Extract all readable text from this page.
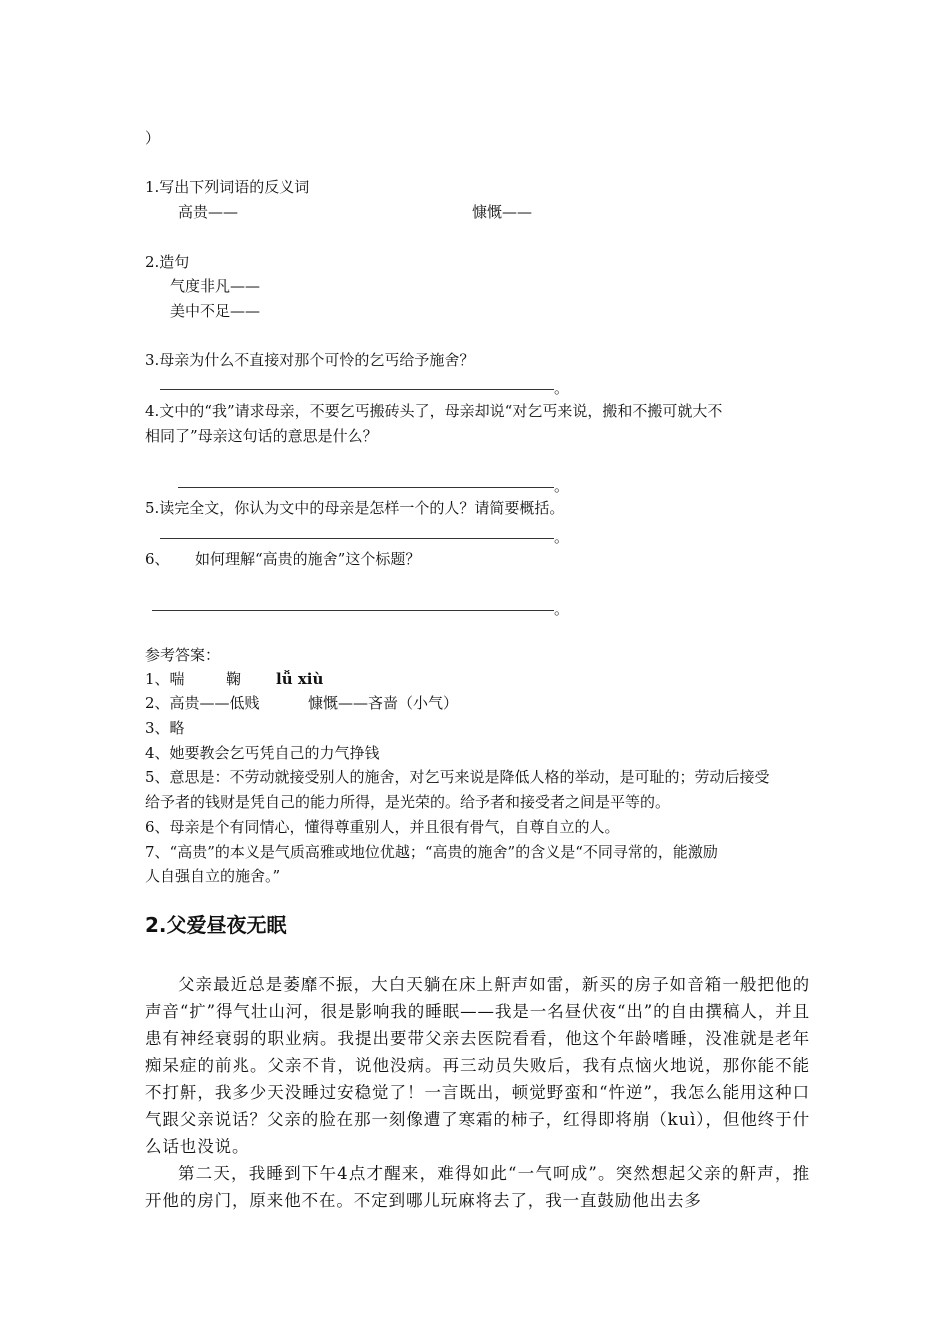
）
1.写出下列词语的反义词
高贵——	慷慨——
2.造句
气度非凡——
美中不足——
3.母亲为什么不直接对那个可怜的乞丐给予施舍？
。
4.文中的“我”请求母亲，不要乞丐搬砖头了，母亲却说“对乞丐来说，搬和不搬可就大不
相同了”母亲这句话的意思是什么？
。
5.读完全文，你认为文中的母亲是怎样一个的人？请简要概括。
。
6、 如何理解“高贵的施舍”这个标题？
。
参考答案：
1、喘	鞠 lǚ xiù
2、高贵——低贱	慷慨——吝啬（小气）
3、略
4、她要教会乞丐凭自己的力气挣钱
5、意思是：不劳动就接受别人的施舍，对乞丐来说是降低人格的举动，是可耻的；劳动后接受
给予者的钱财是凭自己的能力所得，是光荣的。给予者和接受者之间是平等的。
6、母亲是个有同情心，懂得尊重别人，并且很有骨气，自尊自立的人。
7、“高贵”的本义是气质高雅或地位优越；“高贵的施舍”的含义是“不同寻常的，能激励
人自强自立的施舍。”
2.父爱昼夜无眠

父亲最近总是萎靡不振，大白天躺在床上鼾声如雷，新买的房子如音箱一般把他的声音“扩”得气壮山河，很是影响我的睡眠——我是一名昼伏夜“出”的自由撰稿人，并且患有神经衰弱的职业病。我提出要带父亲去医院看看，他这个年龄嗜睡，没准就是老年痴呆症的前兆。父亲不肯，说他没病。再三动员失败后，我有点恼火地说，那你能不能不打鼾，我多少天没睡过安稳觉了！一言既出，顿觉野蛮和“忤逆”，我怎么能用这种口气跟父亲说话？父亲的脸在那一刻像遭了寒霜的柿子，红得即将崩（kuì），但他终于什么话也没说。

第二天，我睡到下午4点才醒来，难得如此“一气呵成”。突然想起父亲的鼾声，推开他的房门，原来他不在。不定到哪儿玩麻将去了，我一直鼓励他出去多
